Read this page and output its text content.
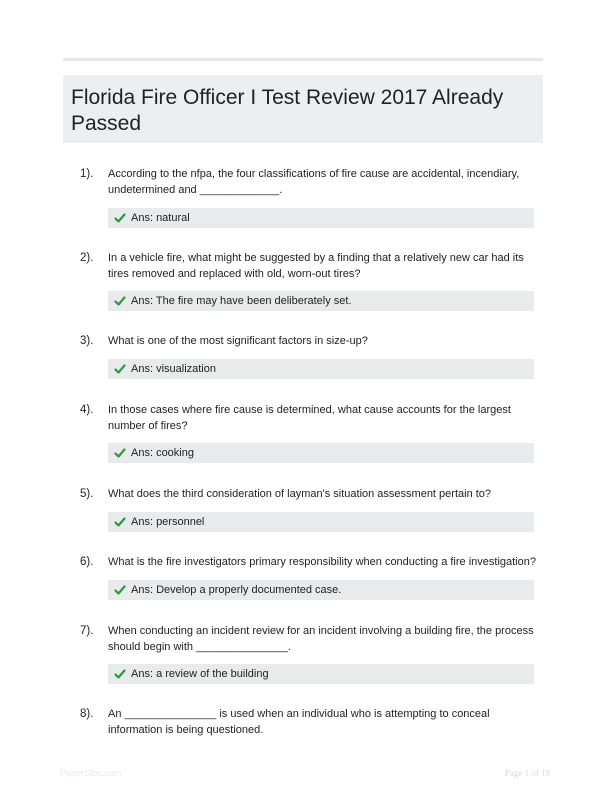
Florida Fire Officer I Test Review 2017 Already Passed
1). According to the nfpa, the four classifications of fire cause are accidental, incendiary, undetermined and _____________.
Ans: natural
2). In a vehicle fire, what might be suggested by a finding that a relatively new car had its tires removed and replaced with old, worn-out tires?
Ans: The fire may have been deliberately set.
3). What is one of the most significant factors in size-up?
Ans: visualization
4). In those cases where fire cause is determined, what cause accounts for the largest number of fires?
Ans: cooking
5). What does the third consideration of layman's situation assessment pertain to?
Ans: personnel
6). What is the fire investigators primary responsibility when conducting a fire investigation?
Ans: Develop a properly documented case.
7). When conducting an incident review for an incident involving a building fire, the process should begin with _______________.
Ans: a review of the building
8). An _______________ is used when an individual who is attempting to conceal information is being questioned.
PaperStoc.com	Page 1 of 19
